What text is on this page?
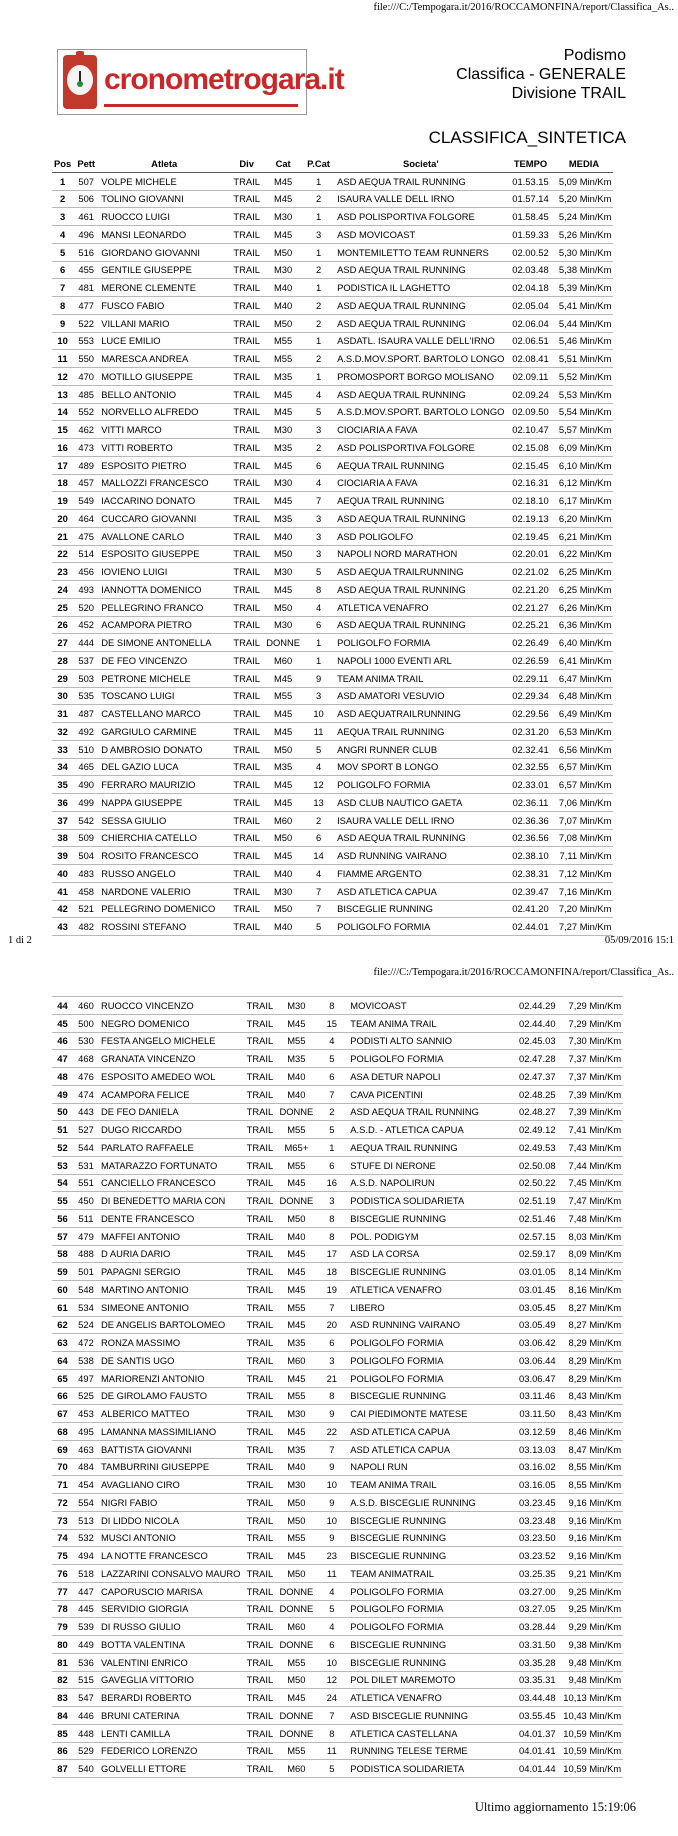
file:///C:/Tempogara.it/2016/ROCCAMONFINA/report/Classifica_As..
cronometrogara.it
Podismo
Classifica - GENERALE
Divisione TRAIL
CLASSIFICA_SINTETICA
Pos	Pett	Atleta	Div	Cat	P.Cat	Societa'	TEMPO	MEDIA
1	507	VOLPE MICHELE	TRAIL	M45	1	ASD AEQUA TRAIL RUNNING	01.53.15	5,09 Min/Km
2	506	TOLINO GIOVANNI	TRAIL	M45	2	ISAURA VALLE DELL IRNO	01.57.14	5,20 Min/Km
3	461	RUOCCO LUIGI	TRAIL	M30	1	ASD POLISPORTIVA FOLGORE	01.58.45	5,24 Min/Km
4	496	MANSI LEONARDO	TRAIL	M45	3	ASD MOVICOAST	01.59.33	5,26 Min/Km
5	516	GIORDANO GIOVANNI	TRAIL	M50	1	MONTEMILETTO TEAM RUNNERS	02.00.52	5,30 Min/Km
6	455	GENTILE GIUSEPPE	TRAIL	M30	2	ASD AEQUA TRAIL RUNNING	02.03.48	5,38 Min/Km
7	481	MERONE CLEMENTE	TRAIL	M40	1	PODISTICA IL LAGHETTO	02.04.18	5,39 Min/Km
8	477	FUSCO FABIO	TRAIL	M40	2	ASD AEQUA TRAIL RUNNING	02.05.04	5,41 Min/Km
9	522	VILLANI MARIO	TRAIL	M50	2	ASD AEQUA TRAIL RUNNING	02.06.04	5,44 Min/Km
10	553	LUCE EMILIO	TRAIL	M55	1	ASDATL. ISAURA VALLE DELL'IRNO	02.06.51	5,46 Min/Km
11	550	MARESCA ANDREA	TRAIL	M55	2	A.S.D.MOV.SPORT. BARTOLO LONGO	02.08.41	5,51 Min/Km
12	470	MOTILLO GIUSEPPE	TRAIL	M35	1	PROMOSPORT BORGO MOLISANO	02.09.11	5,52 Min/Km
13	485	BELLO ANTONIO	TRAIL	M45	4	ASD AEQUA TRAIL RUNNING	02.09.24	5,53 Min/Km
14	552	NORVELLO ALFREDO	TRAIL	M45	5	A.S.D.MOV.SPORT. BARTOLO LONGO	02.09.50	5,54 Min/Km
15	462	VITTI MARCO	TRAIL	M30	3	CIOCIARIA A FAVA	02.10.47	5,57 Min/Km
16	473	VITTI ROBERTO	TRAIL	M35	2	ASD POLISPORTIVA FOLGORE	02.15.08	6,09 Min/Km
17	489	ESPOSITO PIETRO	TRAIL	M45	6	AEQUA TRAIL RUNNING	02.15.45	6,10 Min/Km
18	457	MALLOZZI FRANCESCO	TRAIL	M30	4	CIOCIARIA A FAVA	02.16.31	6,12 Min/Km
19	549	IACCARINO DONATO	TRAIL	M45	7	AEQUA TRAIL RUNNING	02.18.10	6,17 Min/Km
20	464	CUCCARO GIOVANNI	TRAIL	M35	3	ASD AEQUA TRAIL RUNNING	02.19.13	6,20 Min/Km
21	475	AVALLONE CARLO	TRAIL	M40	3	ASD POLIGOLFO	02.19.45	6,21 Min/Km
22	514	ESPOSITO GIUSEPPE	TRAIL	M50	3	NAPOLI NORD MARATHON	02.20.01	6,22 Min/Km
23	456	IOVIENO LUIGI	TRAIL	M30	5	ASD AEQUA TRAILRUNNING	02.21.02	6,25 Min/Km
24	493	IANNOTTA DOMENICO	TRAIL	M45	8	ASD AEQUA TRAIL RUNNING	02.21.20	6,25 Min/Km
25	520	PELLEGRINO FRANCO	TRAIL	M50	4	ATLETICA VENAFRO	02.21.27	6,26 Min/Km
26	452	ACAMPORA PIETRO	TRAIL	M30	6	ASD AEQUA TRAIL RUNNING	02.25.21	6,36 Min/Km
27	444	DE SIMONE ANTONELLA	TRAIL	DONNE	1	POLIGOLFO FORMIA	02.26.49	6,40 Min/Km
28	537	DE FEO VINCENZO	TRAIL	M60	1	NAPOLI 1000 EVENTI ARL	02.26.59	6,41 Min/Km
29	503	PETRONE MICHELE	TRAIL	M45	9	TEAM ANIMA TRAIL	02.29.11	6,47 Min/Km
30	535	TOSCANO LUIGI	TRAIL	M55	3	ASD AMATORI VESUVIO	02.29.34	6,48 Min/Km
31	487	CASTELLANO MARCO	TRAIL	M45	10	ASD AEQUATRAILRUNNING	02.29.56	6,49 Min/Km
32	492	GARGIULO CARMINE	TRAIL	M45	11	AEQUA TRAIL RUNNING	02.31.20	6,53 Min/Km
33	510	D AMBROSIO DONATO	TRAIL	M50	5	ANGRI RUNNER CLUB	02.32.41	6,56 Min/Km
34	465	DEL GAZIO LUCA	TRAIL	M35	4	MOV SPORT B LONGO	02.32.55	6,57 Min/Km
35	490	FERRARO MAURIZIO	TRAIL	M45	12	POLIGOLFO FORMIA	02.33.01	6,57 Min/Km
36	499	NAPPA GIUSEPPE	TRAIL	M45	13	ASD CLUB NAUTICO GAETA	02.36.11	7,06 Min/Km
37	542	SESSA GIULIO	TRAIL	M60	2	ISAURA VALLE DELL IRNO	02.36.36	7,07 Min/Km
38	509	CHIERCHIA CATELLO	TRAIL	M50	6	ASD AEQUA TRAIL RUNNING	02.36.56	7,08 Min/Km
39	504	ROSITO FRANCESCO	TRAIL	M45	14	ASD RUNNING VAIRANO	02.38.10	7,11 Min/Km
40	483	RUSSO ANGELO	TRAIL	M40	4	FIAMME ARGENTO	02.38.31	7,12 Min/Km
41	458	NARDONE VALERIO	TRAIL	M30	7	ASD ATLETICA CAPUA	02.39.47	7,16 Min/Km
42	521	PELLEGRINO DOMENICO	TRAIL	M50	7	BISCEGLIE RUNNING	02.41.20	7,20 Min/Km
43	482	ROSSINI STEFANO	TRAIL	M40	5	POLIGOLFO FORMIA	02.44.01	7,27 Min/Km
1 di 2	05/09/2016 15:1
file:///C:/Tempogara.it/2016/ROCCAMONFINA/report/Classifica_As..
44	460	RUOCCO VINCENZO	TRAIL	M30	8	MOVICOAST	02.44.29	7,29 Min/Km
45	500	NEGRO DOMENICO	TRAIL	M45	15	TEAM ANIMA TRAIL	02.44.40	7,29 Min/Km
46	530	FESTA ANGELO MICHELE	TRAIL	M55	4	PODISTI ALTO SANNIO	02.45.03	7,30 Min/Km
47	468	GRANATA VINCENZO	TRAIL	M35	5	POLIGOLFO FORMIA	02.47.28	7,37 Min/Km
48	476	ESPOSITO AMEDEO WOL	TRAIL	M40	6	ASA DETUR NAPOLI	02.47.37	7,37 Min/Km
49	474	ACAMPORA FELICE	TRAIL	M40	7	CAVA PICENTINI	02.48.25	7,39 Min/Km
50	443	DE FEO DANIELA	TRAIL	DONNE	2	ASD AEQUA TRAIL RUNNING	02.48.27	7,39 Min/Km
51	527	DUGO RICCARDO	TRAIL	M55	5	A.S.D. - ATLETICA CAPUA	02.49.12	7,41 Min/Km
52	544	PARLATO RAFFAELE	TRAIL	M65+	1	AEQUA TRAIL RUNNING	02.49.53	7,43 Min/Km
53	531	MATARAZZO FORTUNATO	TRAIL	M55	6	STUFE DI NERONE	02.50.08	7,44 Min/Km
54	551	CANCIELLO FRANCESCO	TRAIL	M45	16	A.S.D. NAPOLIRUN	02.50.22	7,45 Min/Km
55	450	DI BENEDETTO MARIA CON	TRAIL	DONNE	3	PODISTICA SOLIDARIETA	02.51.19	7,47 Min/Km
56	511	DENTE FRANCESCO	TRAIL	M50	8	BISCEGLIE RUNNING	02.51.46	7,48 Min/Km
57	479	MAFFEI ANTONIO	TRAIL	M40	8	POL. PODIGYM	02.57.15	8,03 Min/Km
58	488	D AURIA DARIO	TRAIL	M45	17	ASD LA CORSA	02.59.17	8,09 Min/Km
59	501	PAPAGNI SERGIO	TRAIL	M45	18	BISCEGLIE RUNNING	03.01.05	8,14 Min/Km
60	548	MARTINO ANTONIO	TRAIL	M45	19	ATLETICA VENAFRO	03.01.45	8,16 Min/Km
61	534	SIMEONE ANTONIO	TRAIL	M55	7	LIBERO	03.05.45	8,27 Min/Km
62	524	DE ANGELIS BARTOLOMEO	TRAIL	M45	20	ASD RUNNING VAIRANO	03.05.49	8,27 Min/Km
63	472	RONZA MASSIMO	TRAIL	M35	6	POLIGOLFO FORMIA	03.06.42	8,29 Min/Km
64	538	DE SANTIS UGO	TRAIL	M60	3	POLIGOLFO FORMIA	03.06.44	8,29 Min/Km
65	497	MARIORENZI ANTONIO	TRAIL	M45	21	POLIGOLFO FORMIA	03.06.47	8,29 Min/Km
66	525	DE GIROLAMO FAUSTO	TRAIL	M55	8	BISCEGLIE RUNNING	03.11.46	8,43 Min/Km
67	453	ALBERICO MATTEO	TRAIL	M30	9	CAI PIEDIMONTE MATESE	03.11.50	8,43 Min/Km
68	495	LAMANNA MASSIMILIANO	TRAIL	M45	22	ASD ATLETICA CAPUA	03.12.59	8,46 Min/Km
69	463	BATTISTA GIOVANNI	TRAIL	M35	7	ASD ATLETICA CAPUA	03.13.03	8,47 Min/Km
70	484	TAMBURRINI GIUSEPPE	TRAIL	M40	9	NAPOLI RUN	03.16.02	8,55 Min/Km
71	454	AVAGLIANO CIRO	TRAIL	M30	10	TEAM ANIMA TRAIL	03.16.05	8,55 Min/Km
72	554	NIGRI FABIO	TRAIL	M50	9	A.S.D. BISCEGLIE RUNNING	03.23.45	9,16 Min/Km
73	513	DI LIDDO NICOLA	TRAIL	M50	10	BISCEGLIE RUNNING	03.23.48	9,16 Min/Km
74	532	MUSCI ANTONIO	TRAIL	M55	9	BISCEGLIE RUNNING	03.23.50	9,16 Min/Km
75	494	LA NOTTE FRANCESCO	TRAIL	M45	23	BISCEGLIE RUNNING	03.23.52	9,16 Min/Km
76	518	LAZZARINI CONSALVO MAURO	TRAIL	M50	11	TEAM ANIMATRAIL	03.25.35	9,21 Min/Km
77	447	CAPORUSCIO MARISA	TRAIL	DONNE	4	POLIGOLFO FORMIA	03.27.00	9,25 Min/Km
78	445	SERVIDIO GIORGIA	TRAIL	DONNE	5	POLIGOLFO FORMIA	03.27.05	9,25 Min/Km
79	539	DI RUSSO GIULIO	TRAIL	M60	4	POLIGOLFO FORMIA	03.28.44	9,29 Min/Km
80	449	BOTTA VALENTINA	TRAIL	DONNE	6	BISCEGLIE RUNNING	03.31.50	9,38 Min/Km
81	536	VALENTINI ENRICO	TRAIL	M55	10	BISCEGLIE RUNNING	03.35.28	9,48 Min/Km
82	515	GAVEGLIA VITTORIO	TRAIL	M50	12	POL DILET MAREMOTO	03.35.31	9,48 Min/Km
83	547	BERARDI ROBERTO	TRAIL	M45	24	ATLETICA VENAFRO	03.44.48	10,13 Min/Km
84	446	BRUNI CATERINA	TRAIL	DONNE	7	ASD BISCEGLIE RUNNING	03.55.45	10,43 Min/Km
85	448	LENTI CAMILLA	TRAIL	DONNE	8	ATLETICA CASTELLANA	04.01.37	10,59 Min/Km
86	529	FEDERICO LORENZO	TRAIL	M55	11	RUNNING TELESE TERME	04.01.41	10,59 Min/Km
87	540	GOLVELLI ETTORE	TRAIL	M60	5	PODISTICA SOLIDARIETA	04.01.44	10,59 Min/Km
Ultimo aggiornamento 15:19:06
